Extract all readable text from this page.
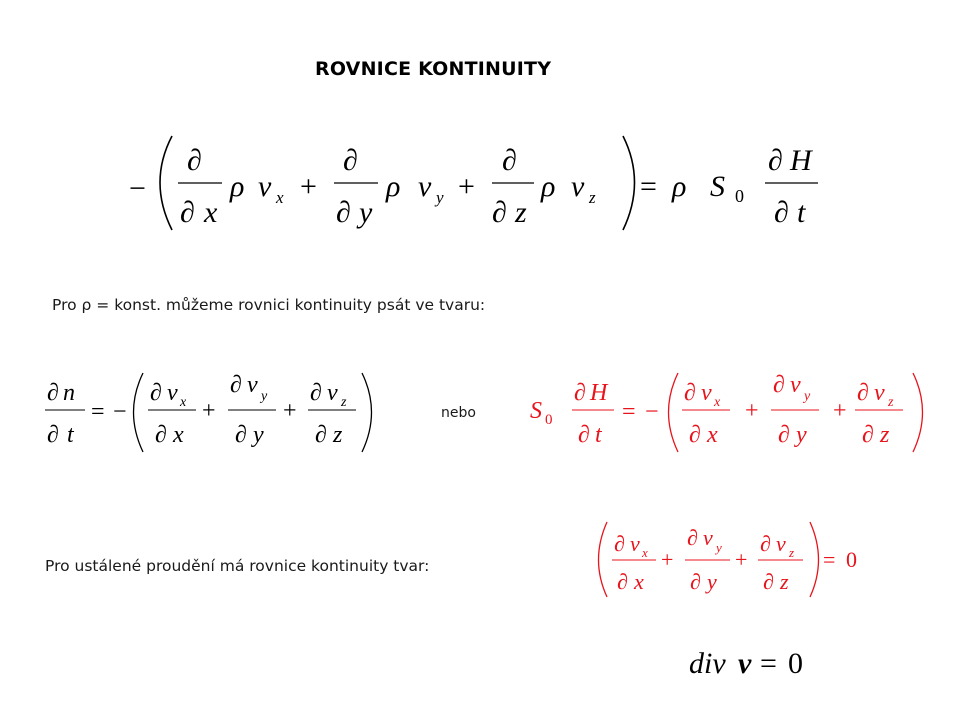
ROVNICE KONTINUITY
−
∂
∂ x
ρ v x +
∂
∂ y
ρ v y +
∂
∂ z
ρ v z = ρ S 0
∂ H
∂ t
Pro ρ = konst. můžeme rovnici kontinuity psát ve tvaru:
∂ n
∂ t
= −
∂ v x
∂ x
+
∂ v y
∂ y
+
∂ v z
∂ z
nebo S 0
∂ H
∂ t
= −
∂ v x
∂ x
+
∂ v y
∂ y
+
∂ v z
∂ z
Pro ustálené proudění má rovnice kontinuity tvar:
∂ v x
∂ x
+
∂ v y
∂ y
+
∂ v z
∂ z
= 0
div v = 0
